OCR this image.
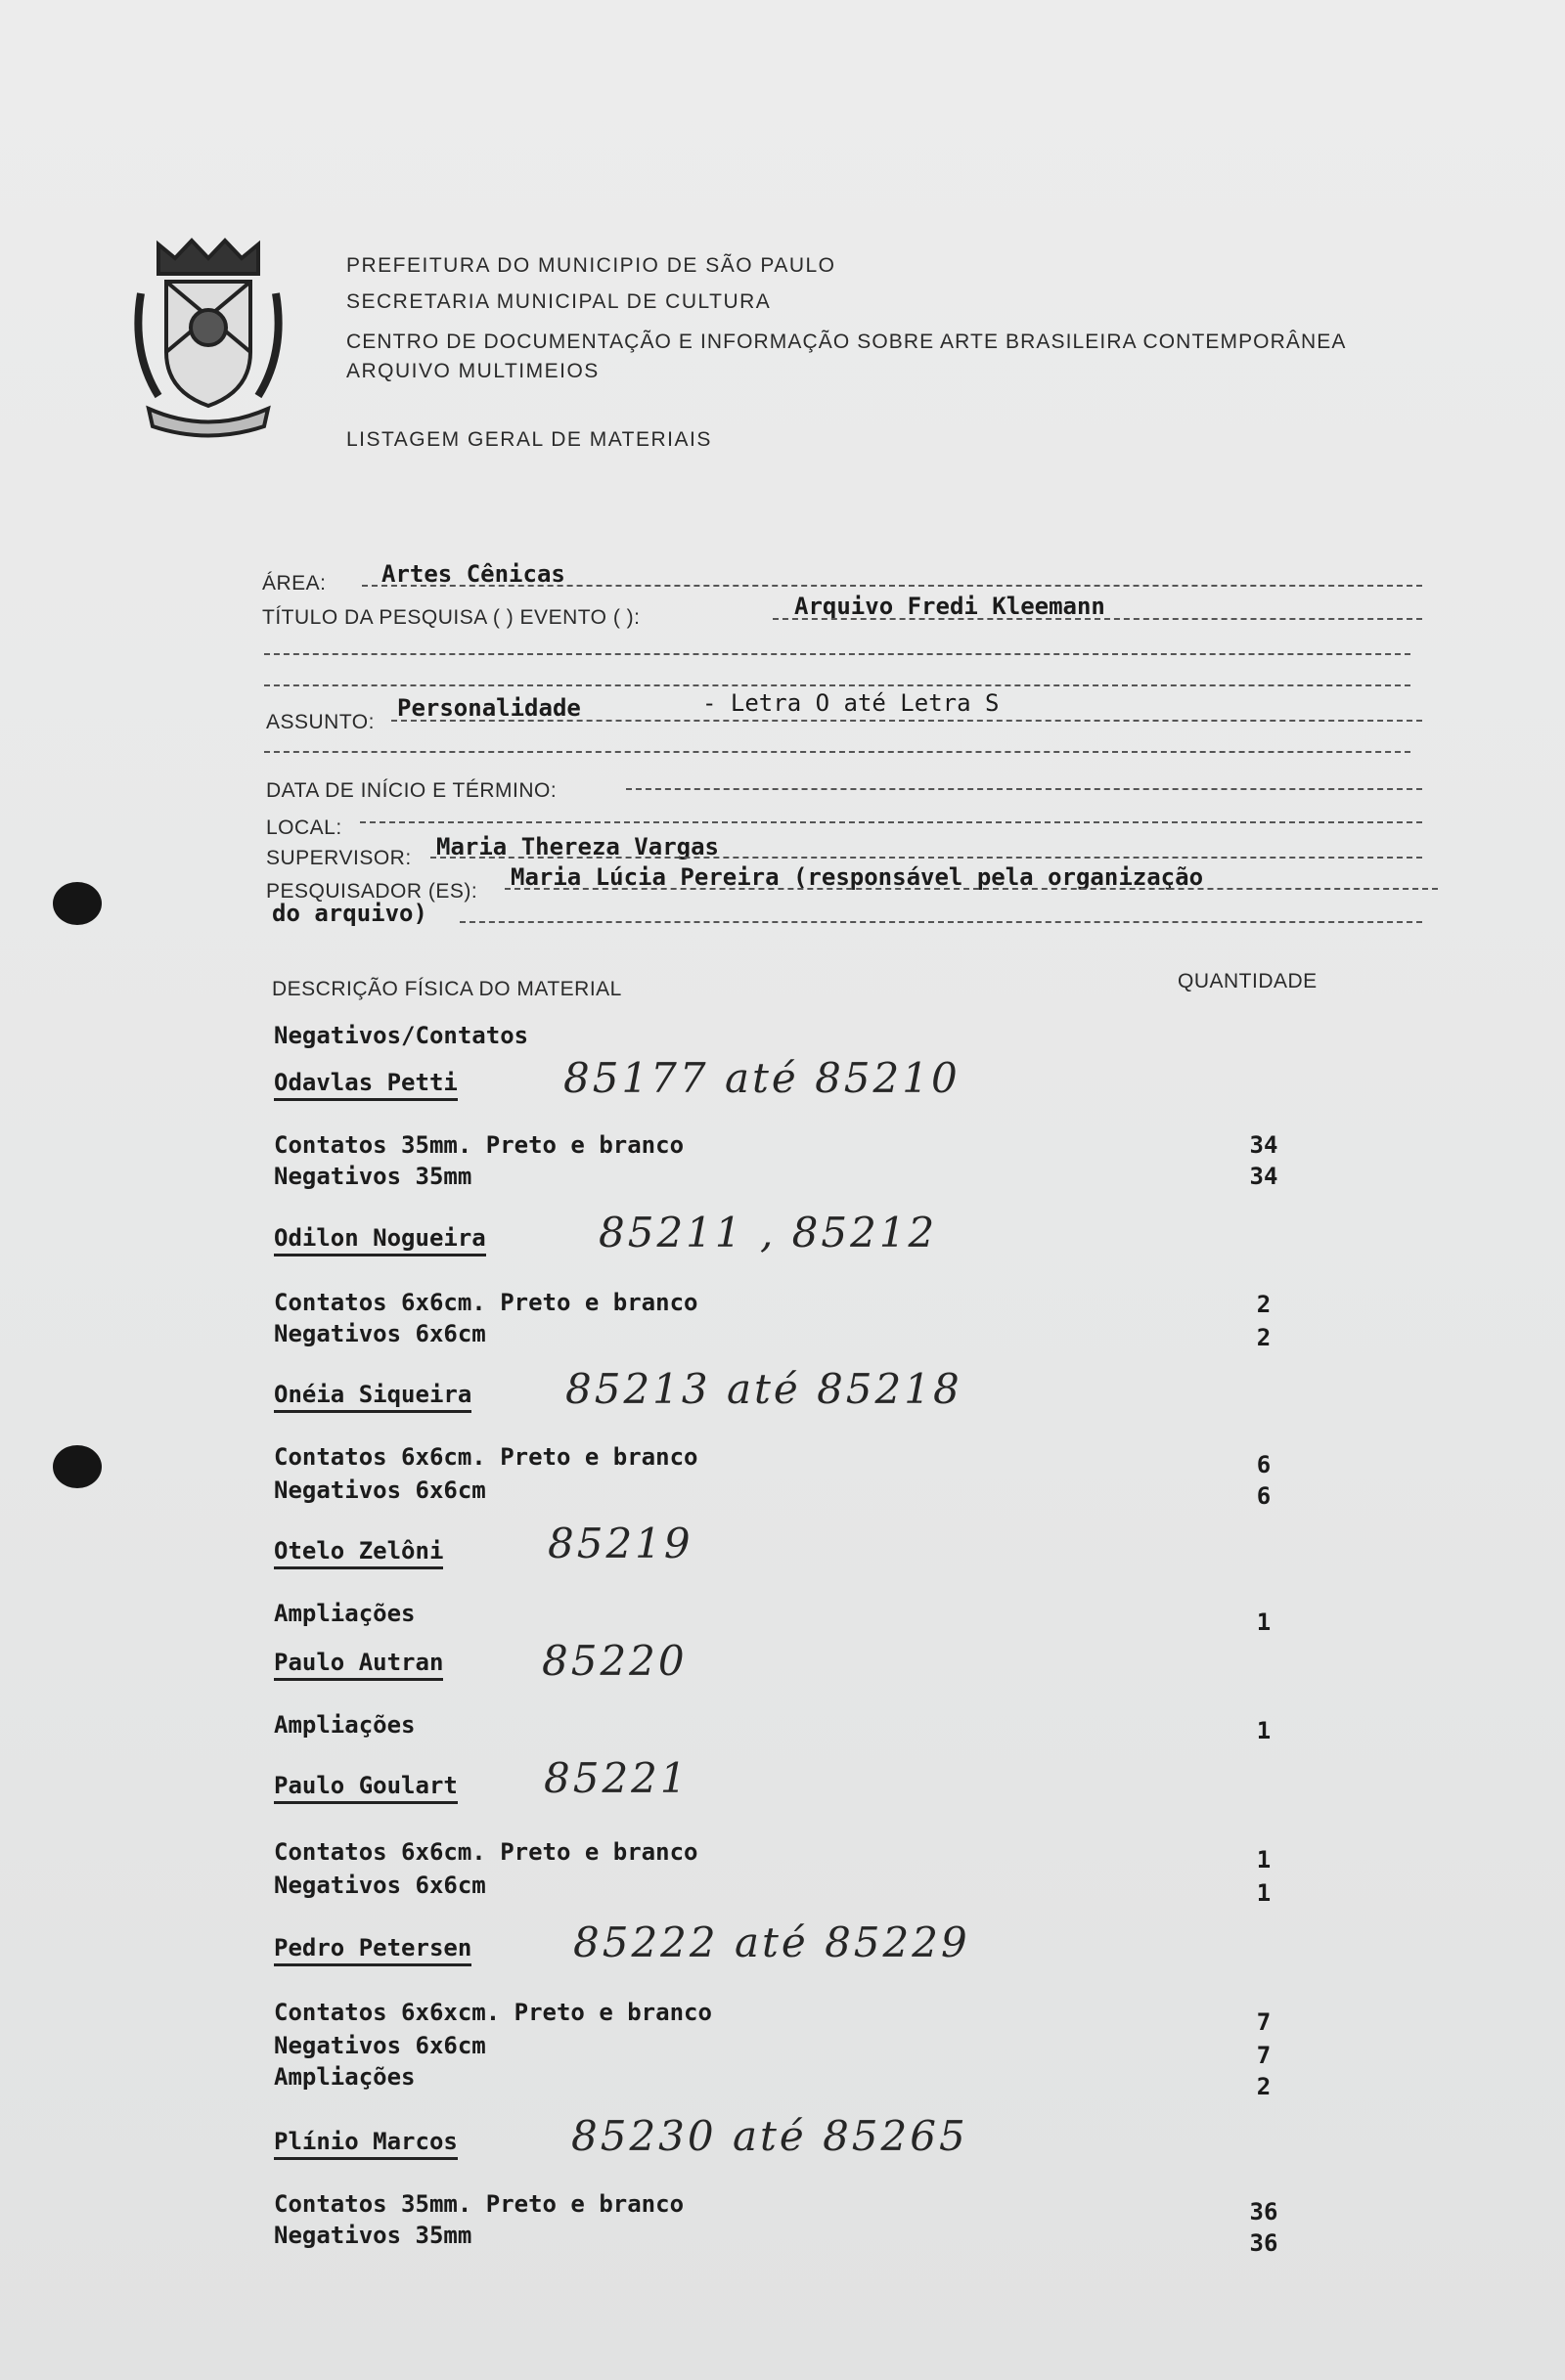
PREFEITURA DO MUNICIPIO DE SÃO PAULO
SECRETARIA MUNICIPAL DE CULTURA
CENTRO DE DOCUMENTAÇÃO E INFORMAÇÃO SOBRE ARTE BRASILEIRA CONTEMPORÂNEA
ARQUIVO MULTIMEIOS
LISTAGEM GERAL DE MATERIAIS
ÁREA: Artes Cênicas
TÍTULO DA PESQUISA ( ) EVENTO ( ):	Arquivo Fredi Kleemann
ASSUNTO:
Personalidade	- Letra O até Letra S
DATA DE INÍCIO E TÉRMINO:
LOCAL:
SUPERVISOR: Maria Thereza Vargas
PESQUISADOR (ES):
Maria Lúcia Pereira (responsável pela organização
do arquivo)
DESCRIÇÃO FÍSICA DO MATERIAL	QUANTIDADE
Negativos/Contatos
Odavlas Petti	85177 até 85210
Contatos 35mm. Preto e branco	34
Negativos 35mm	34
Odilon Nogueira	85211 , 85212
Contatos 6x6cm. Preto e branco	2
Negativos 6x6cm	2
Onéia Siqueira 85213 até 85218
Contatos 6x6cm. Preto e branco	6
Negativos 6x6cm	6
Otelo Zelôni	85219
Ampliações	1
Paulo Autran 85220
Ampliações	1
Paulo Goulart 85221
Contatos 6x6cm. Preto e branco	1
Negativos 6x6cm	1
Pedro Petersen 85222 até 85229
Contatos 6x6xcm. Preto e branco	7
Negativos 6x6cm	7
Ampliações	2
Plínio Marcos	85230 até 85265
Contatos 35mm. Preto e branco	36
Negativos 35mm	36
